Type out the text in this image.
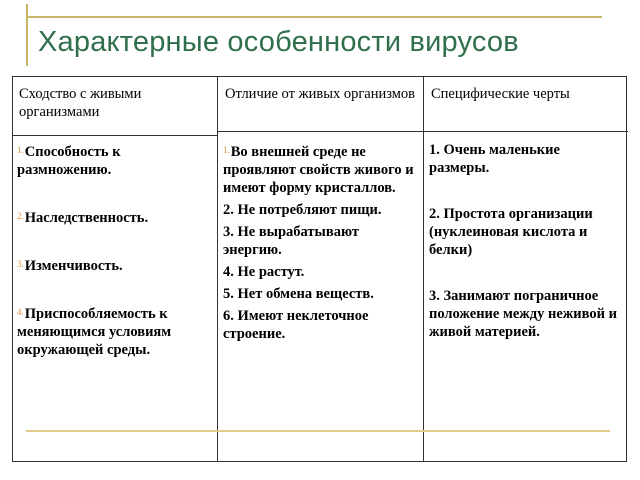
Характерные особенности вирусов
Сходство с живыми организмами
Отличие от живых организмов Специфические черты
$^{1.}$Способность к размножению.
$^{2.}$Наследственность.
$^{3.}$Изменчивость.
$^{4.}$Приспособляемость к меняющимся условиям окружающей среды.
$^{1.}$Во внешней среде не проявляют свойств живого и имеют форму кристаллов.
2. Не потребляют пищи.
3. Не вырабатывают энергию.
4. Не растут.
5. Нет обмена веществ.
6. Имеют неклеточное строение.
1. Очень маленькие размеры.
2. Простота организации (нуклеиновая кислота и белки)
3. Занимают пограничное положение между неживой и живой материей.
